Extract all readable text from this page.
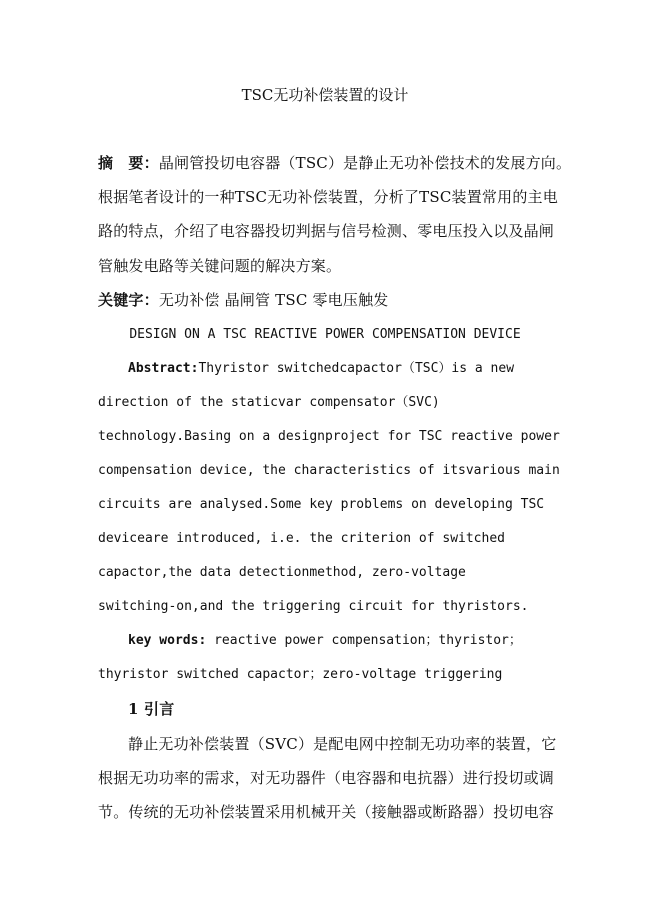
TSC无功补偿装置的设计
摘　要：晶闸管投切电容器（TSC）是静止无功补偿技术的发展方向。
根据笔者设计的一种TSC无功补偿装置，分析了TSC装置常用的主电
路的特点，介绍了电容器投切判据与信号检测、零电压投入以及晶闸
管触发电路等关键问题的解决方案。
关键字：无功补偿 晶闸管 TSC 零电压触发
DESIGN ON A TSC REACTIVE POWER COMPENSATION DEVICE
Abstract:Thyristor switchedcapactor（TSC）is a new
direction of the staticvar compensator（SVC)
technology.Basing on a designproject for TSC reactive power
compensation device, the characteristics of itsvarious main
circuits are analysed.Some key problems on developing TSC
deviceare introduced, i.e. the criterion of switched
capactor,the data detectionmethod, zero-voltage
switching-on,and the triggering circuit for thyristors.
key words: reactive power compensation；thyristor；
thyristor switched capactor；zero-voltage triggering
1 引言
静止无功补偿装置（SVC）是配电网中控制无功功率的装置，它
根据无功功率的需求，对无功器件（电容器和电抗器）进行投切或调
节。传统的无功补偿装置采用机械开关（接触器或断路器）投切电容
